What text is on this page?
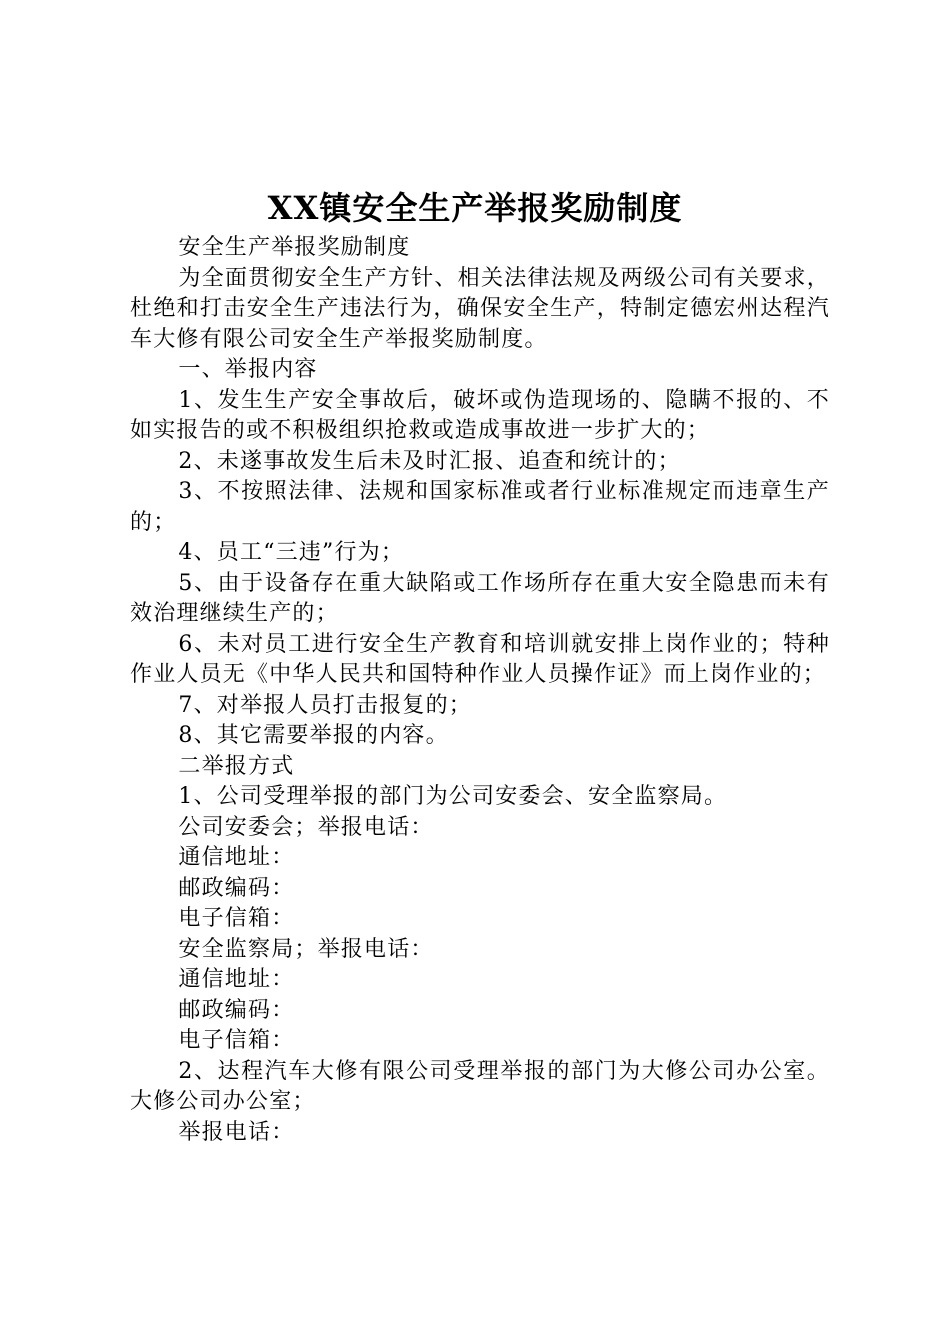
XX镇安全生产举报奖励制度

安全生产举报奖励制度

为全面贯彻安全生产方针、相关法律法规及两级公司有关要求，杜绝和打击安全生产违法行为，确保安全生产，特制定德宏州达程汽车大修有限公司安全生产举报奖励制度。

一、举报内容

1、发生生产安全事故后，破坏或伪造现场的、隐瞒不报的、不如实报告的或不积极组织抢救或造成事故进一步扩大的；

2、未遂事故发生后未及时汇报、追查和统计的；

3、不按照法律、法规和国家标准或者行业标准规定而违章生产的；

4、员工“三违”行为；

5、由于设备存在重大缺陷或工作场所存在重大安全隐患而未有效治理继续生产的；

6、未对员工进行安全生产教育和培训就安排上岗作业的；特种作业人员无《中华人民共和国特种作业人员操作证》而上岗作业的；

7、对举报人员打击报复的；

8、其它需要举报的内容。

二举报方式

1、公司受理举报的部门为公司安委会、安全监察局。

公司安委会；举报电话：

通信地址：

邮政编码：

电子信箱：

安全监察局；举报电话：

通信地址：

邮政编码：

电子信箱：

2、达程汽车大修有限公司受理举报的部门为大修公司办公室。大修公司办公室；

举报电话：
